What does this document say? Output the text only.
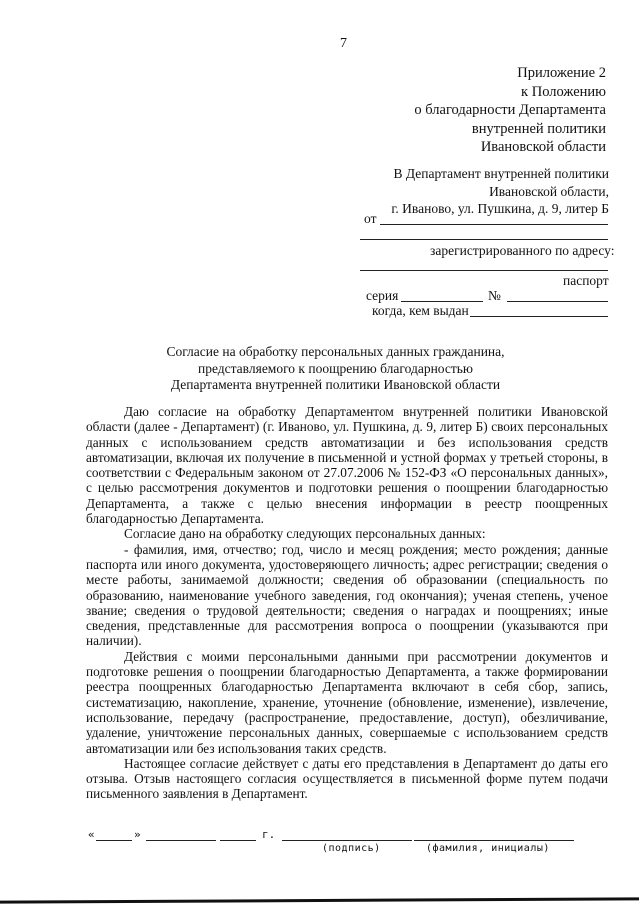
7
Приложение 2
к Положению
о благодарности Департамента
внутренней политики
Ивановской области
В Департамент внутренней политики
Ивановской области,
г. Иваново, ул. Пушкина, д. 9, литер Б
от
зарегистрированного по адресу:
паспорт
серия	№
когда, кем выдан
Согласие на обработку персональных данных гражданина,
представляемого к поощрению благодарностью
Департамента внутренней политики Ивановской области

Даю согласие на обработку Департаментом внутренней политики Ивановской области (далее - Департамент) (г. Иваново, ул. Пушкина, д. 9, литер Б) своих персональных данных с использованием средств автоматизации и без использования средств автоматизации, включая их получение в письменной и устной формах у третьей стороны, в соответствии с Федеральным законом от 27.07.2006 № 152-ФЗ «О персональных данных», с целью рассмотрения документов и подготовки решения о поощрении благодарностью Департамента, а также с целью внесения информации в реестр поощренных благодарностью Департамента.

Согласие дано на обработку следующих персональных данных:

- фамилия, имя, отчество; год, число и месяц рождения; место рождения; данные паспорта или иного документа, удостоверяющего личность; адрес регистрации; сведения о месте работы, занимаемой должности; сведения об образовании (специальность по образованию, наименование учебного заведения, год окончания); ученая степень, ученое звание; сведения о трудовой деятельности; сведения о наградах и поощрениях; иные сведения, представленные для рассмотрения вопроса о поощрении (указываются при наличии).

Действия с моими персональными данными при рассмотрении документов и подготовке решения о поощрении благодарностью Департамента, а также формировании реестра поощренных благодарностью Департамента включают в себя сбор, запись, систематизацию, накопление, хранение, уточнение (обновление, изменение), извлечение, использование, передачу (распространение, предоставление, доступ), обезличивание, удаление, уничтожение персональных данных, совершаемые с использованием средств автоматизации или без использования таких средств.

Настоящее согласие действует с даты его представления в Департамент до даты его отзыва. Отзыв настоящего согласия осуществляется в письменной форме путем подачи письменного заявления в Департамент.

«	»	г.
(подпись)	(фамилия, инициалы)
